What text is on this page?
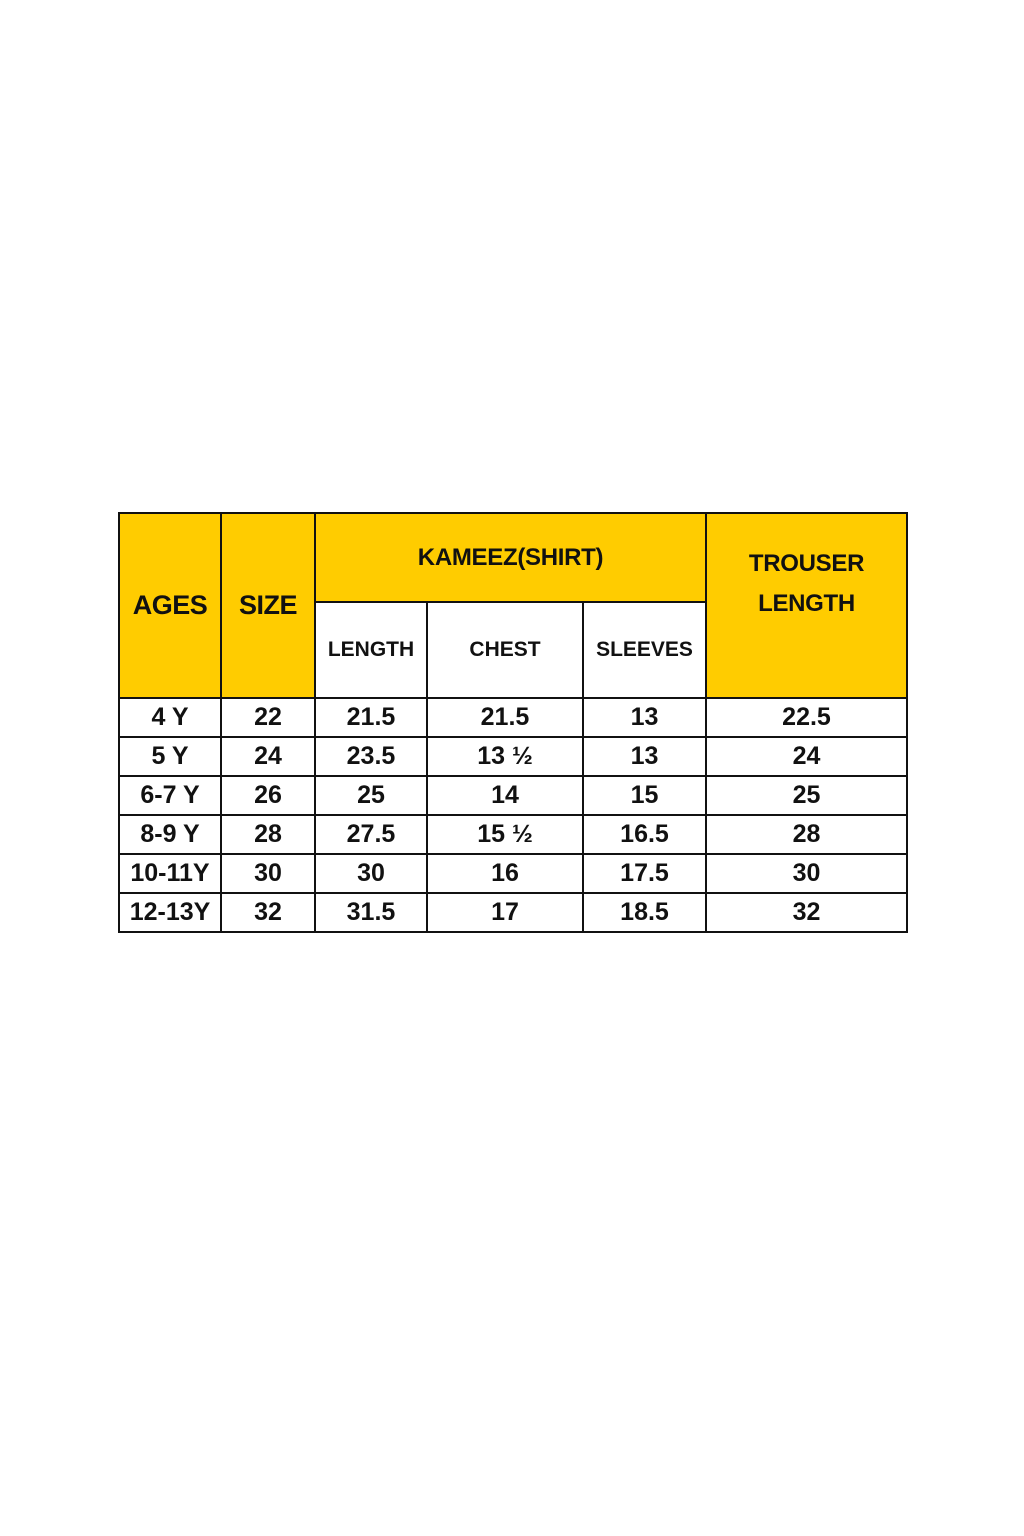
AGES	SIZE	KAMEEZ(SHIRT)			TROUSER
LENGTH

		LENGTH	CHEST	SLEEVES	
4 Y	22	21.5	21.5	13	22.5
5 Y	24	23.5	13 ½	13	24
6-7 Y	26	25	14	15	25
8-9 Y	28	27.5	15 ½	16.5	28
10-11Y	30	30	16	17.5	30
12-13Y	32	31.5	17	18.5	32
